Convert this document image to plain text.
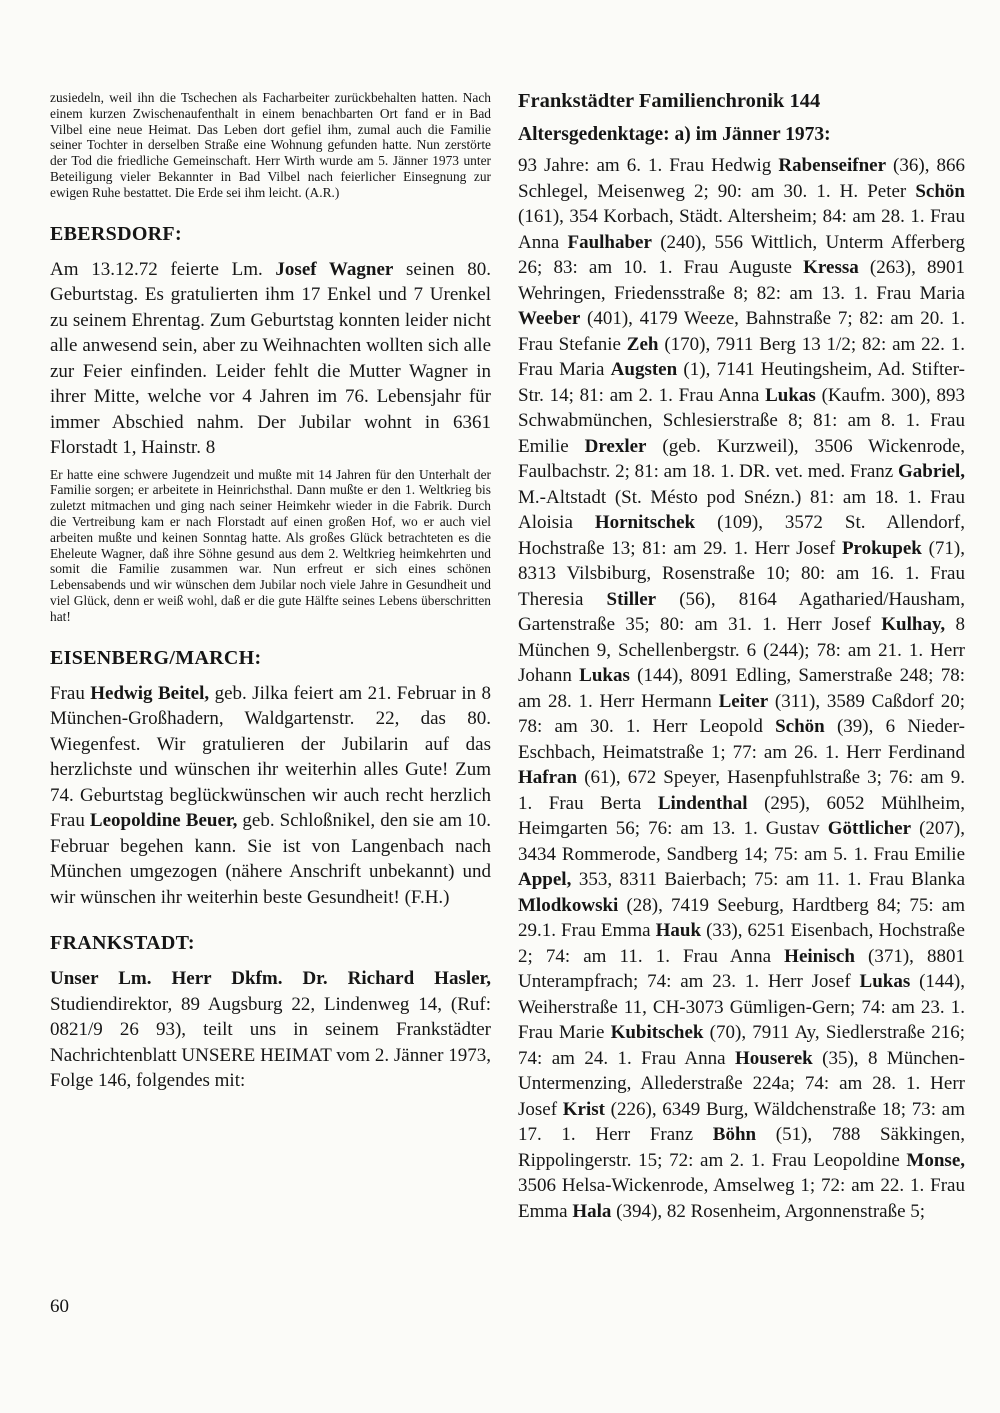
zusiedeln, weil ihn die Tschechen als Facharbeiter zurückbehalten hatten. Nach einem kurzen Zwischenaufenthalt in einem benachbarten Ort fand er in Bad Vilbel eine neue Heimat. Das Leben dort gefiel ihm, zumal auch die Familie seiner Tochter in derselben Straße eine Wohnung gefunden hatte. Nun zerstörte der Tod die friedliche Gemeinschaft. Herr Wirth wurde am 5. Jänner 1973 unter Beteiligung vieler Bekannter in Bad Vilbel nach feierlicher Einsegnung zur ewigen Ruhe bestattet. Die Erde sei ihm leicht. (A.R.)

EBERSDORF:

Am 13.12.72 feierte Lm. Josef Wagner seinen 80. Geburtstag. Es gratulierten ihm 17 Enkel und 7 Urenkel zu seinem Ehrentag. Zum Geburtstag konnten leider nicht alle anwesend sein, aber zu Weihnachten wollten sich alle zur Feier einfinden. Leider fehlt die Mutter Wagner in ihrer Mitte, welche vor 4 Jahren im 76. Lebensjahr für immer Abschied nahm. Der Jubilar wohnt in 6361 Florstadt 1, Hainstr. 8

Er hatte eine schwere Jugendzeit und mußte mit 14 Jahren für den Unterhalt der Familie sorgen; er arbeitete in Heinrichsthal. Dann mußte er den 1. Weltkrieg bis zuletzt mitmachen und ging nach seiner Heimkehr wieder in die Fabrik. Durch die Vertreibung kam er nach Florstadt auf einen großen Hof, wo er auch viel arbeiten mußte und keinen Sonntag hatte. Als großes Glück betrachteten es die Eheleute Wagner, daß ihre Söhne gesund aus dem 2. Weltkrieg heimkehrten und somit die Familie zusammen war. Nun erfreut er sich eines schönen Lebensabends und wir wünschen dem Jubilar noch viele Jahre in Gesundheit und viel Glück, denn er weiß wohl, daß er die gute Hälfte seines Lebens überschritten hat!

EISENBERG/MARCH:

Frau Hedwig Beitel, geb. Jilka feiert am 21. Februar in 8 München-Großhadern, Waldgartenstr. 22, das 80. Wiegenfest. Wir gratulieren der Jubilarin auf das herzlichste und wünschen ihr weiterhin alles Gute! Zum 74. Geburtstag beglückwünschen wir auch recht herzlich Frau Leopoldine Beuer, geb. Schloßnikel, den sie am 10. Februar begehen kann. Sie ist von Langenbach nach München umgezogen (nähere Anschrift unbekannt) und wir wünschen ihr weiterhin beste Gesundheit! (F.H.)

FRANKSTADT:

Unser Lm. Herr Dkfm. Dr. Richard Hasler, Studiendirektor, 89 Augsburg 22, Lindenweg 14, (Ruf: 0821/9 26 93), teilt uns in seinem Frankstädter Nachrichtenblatt UNSERE HEIMAT vom 2. Jänner 1973, Folge 146, folgendes mit:

Frankstädter Familienchronik 144
Altersgedenktage: a) im Jänner 1973:

93 Jahre: am 6. 1. Frau Hedwig Rabenseifner (36), 866 Schlegel, Meisenweg 2; 90: am 30. 1. H. Peter Schön (161), 354 Korbach, Städt. Altersheim; 84: am 28. 1. Frau Anna Faulhaber (240), 556 Wittlich, Unterm Afferberg 26; 83: am 10. 1. Frau Auguste Kressa (263), 8901 Wehringen, Friedensstraße 8; 82: am 13. 1. Frau Maria Weeber (401), 4179 Weeze, Bahnstraße 7; 82: am 20. 1. Frau Stefanie Zeh (170), 7911 Berg 13 1/2; 82: am 22. 1. Frau Maria Augsten (1), 7141 Heutingsheim, Ad. Stifter-Str. 14; 81: am 2. 1. Frau Anna Lukas (Kaufm. 300), 893 Schwabmünchen, Schlesierstraße 8; 81: am 8. 1. Frau Emilie Drexler (geb. Kurzweil), 3506 Wickenrode, Faulbachstr. 2; 81: am 18. 1. DR. vet. med. Franz Gabriel, M.-Altstadt (St. Mésto pod Snézn.) 81: am 18. 1. Frau Aloisia Hornitschek (109), 3572 St. Allendorf, Hochstraße 13; 81: am 29. 1. Herr Josef Prokupek (71), 8313 Vilsbiburg, Rosenstraße 10; 80: am 16. 1. Frau Theresia Stiller (56), 8164 Agatharied/Hausham, Gartenstraße 35; 80: am 31. 1. Herr Josef Kulhay, 8 München 9, Schellenbergstr. 6 (244); 78: am 21. 1. Herr Johann Lukas (144), 8091 Edling, Samerstraße 248; 78: am 28. 1. Herr Hermann Leiter (311), 3589 Caßdorf 20; 78: am 30. 1. Herr Leopold Schön (39), 6 Nieder-Eschbach, Heimatstraße 1; 77: am 26. 1. Herr Ferdinand Hafran (61), 672 Speyer, Hasenpfuhlstraße 3; 76: am 9. 1. Frau Berta Lindenthal (295), 6052 Mühlheim, Heimgarten 56; 76: am 13. 1. Gustav Göttlicher (207), 3434 Rommerode, Sandberg 14; 75: am 5. 1. Frau Emilie Appel, 353, 8311 Baierbach; 75: am 11. 1. Frau Blanka Mlodkowski (28), 7419 Seeburg, Hardtberg 84; 75: am 29.1. Frau Emma Hauk (33), 6251 Eisenbach, Hochstraße 2; 74: am 11. 1. Frau Anna Heinisch (371), 8801 Unterampfrach; 74: am 23. 1. Herr Josef Lukas (144), Weiherstraße 11, CH-3073 Gümligen-Gern; 74: am 23. 1. Frau Marie Kubitschek (70), 7911 Ay, Siedlerstraße 216; 74: am 24. 1. Frau Anna Houserek (35), 8 München-Untermenzing, Allederstraße 224a; 74: am 28. 1. Herr Josef Krist (226), 6349 Burg, Wäldchenstraße 18; 73: am 17. 1. Herr Franz Böhn (51), 788 Säkkingen, Rippolingerstr. 15; 72: am 2. 1. Frau Leopoldine Monse, 3506 Helsa-Wickenrode, Amselweg 1; 72: am 22. 1. Frau Emma Hala (394), 82 Rosenheim, Argonnenstraße 5;

60
